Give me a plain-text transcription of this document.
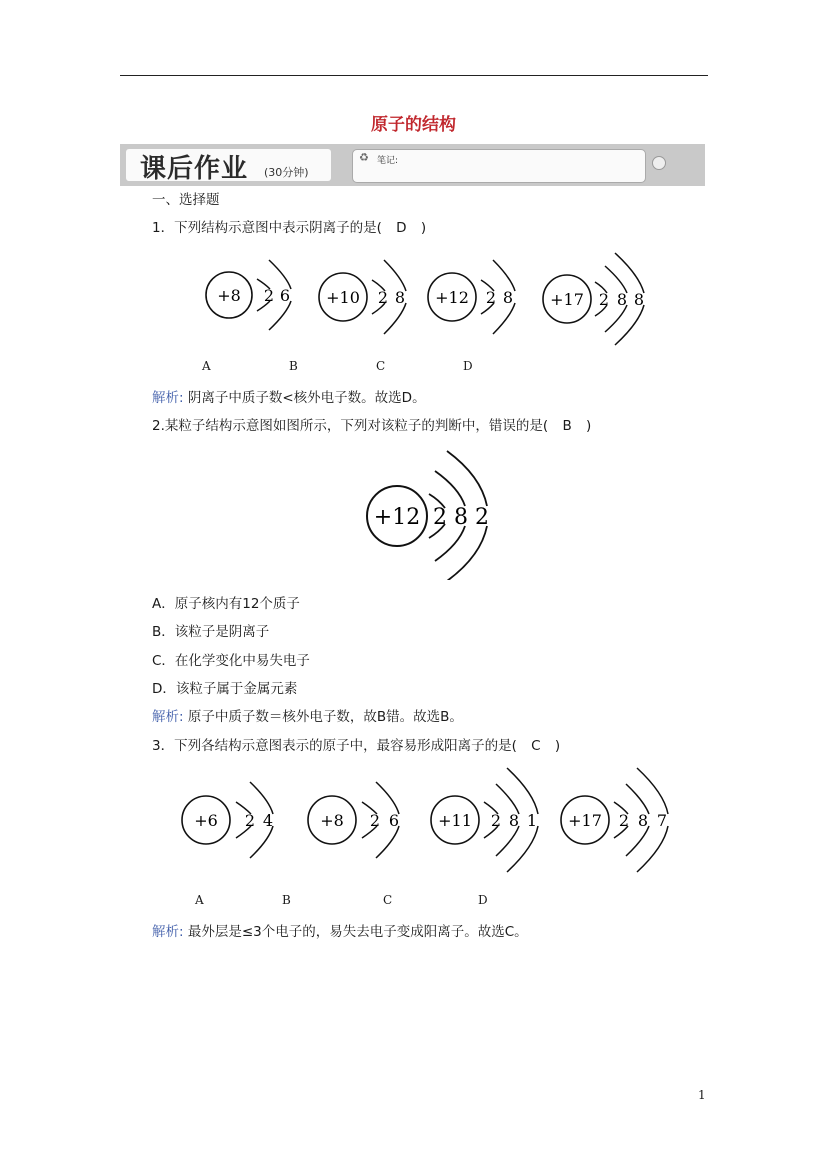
原子的结构
课后作业 (30分钟)
♻ 笔记:
一、选择题
1．下列结构示意图中表示阴离子的是( D )
+8 2 6 +10 2 8 +12 2 8 +17 2 8 8
A	B	C	D
解析: 阴离子中质子数<核外电子数。故选D。
2.某粒子结构示意图如图所示，下列对该粒子的判断中，错误的是( B )
+12 2 8 2
A．原子核内有12个质子
B．该粒子是阴离子
C．在化学变化中易失电子
D．该粒子属于金属元素
解析: 原子中质子数＝核外电子数，故B错。故选B。
3．下列各结构示意图表示的原子中，最容易形成阳离子的是( C )
+6 2 4	+8 2 6 +11 2 8 1 +17 2 8 7
A	B	C	D
解析: 最外层是≤3个电子的，易失去电子变成阳离子。故选C。
1
